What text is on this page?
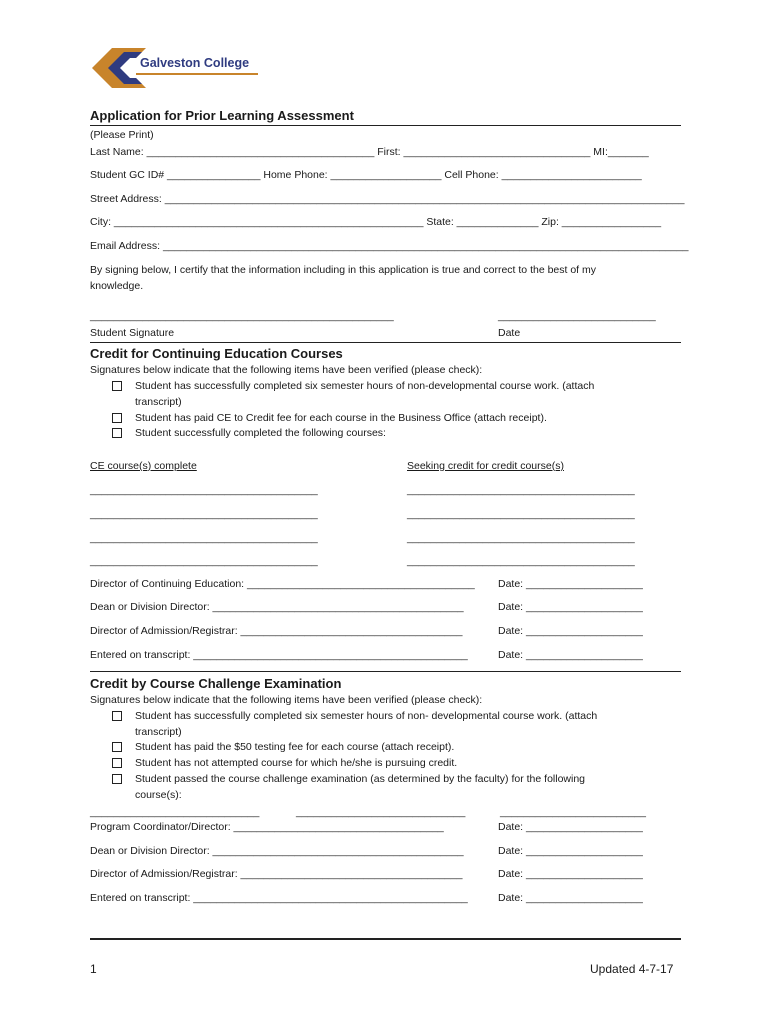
Galveston College
Application for Prior Learning Assessment
(Please Print)
Last Name: _______________________________________ First: ________________________________ MI:_______
Student GC ID# ________________ Home Phone: ___________________ Cell Phone: ________________________
Street Address: _________________________________________________________________________________________
City: _____________________________________________________ State: ______________ Zip: _________________
Email Address: __________________________________________________________________________________________
By signing below, I certify that the information including in this application is true and correct to the best of my
knowledge.
____________________________________________________	___________________________
Student Signature	Date
Credit for Continuing Education Courses
Signatures below indicate that the following items have been verified (please check):
Student has successfully completed six semester hours of non-developmental course work. (attach
transcript)
Student has paid CE to Credit fee for each course in the Business Office (attach receipt).
Student successfully completed the following courses:
CE course(s) complete	Seeking credit for credit course(s)
_______________________________________	_______________________________________
_______________________________________	_______________________________________
_______________________________________	_______________________________________
_______________________________________	_______________________________________
Director of Continuing Education: _______________________________________ Date: ____________________
Dean or Division Director: ___________________________________________	Date: ____________________
Director of Admission/Registrar: ______________________________________	Date: ____________________
Entered on transcript: _______________________________________________	Date: ____________________
Credit by Course Challenge Examination
Signatures below indicate that the following items have been verified (please check):
Student has successfully completed six semester hours of non- developmental course work. (attach
transcript)
Student has paid the $50 testing fee for each course (attach receipt).
Student has not attempted course for which he/she is pursuing credit.
Student passed the course challenge examination (as determined by the faculty) for the following
course(s):
_____________________________	_____________________________	_________________________
Program Coordinator/Director: ____________________________________	Date: ____________________
Dean or Division Director: ___________________________________________	Date: ____________________
Director of Admission/Registrar: ______________________________________	Date: ____________________
Entered on transcript: _______________________________________________	Date: ____________________
1	Updated 4-7-17
